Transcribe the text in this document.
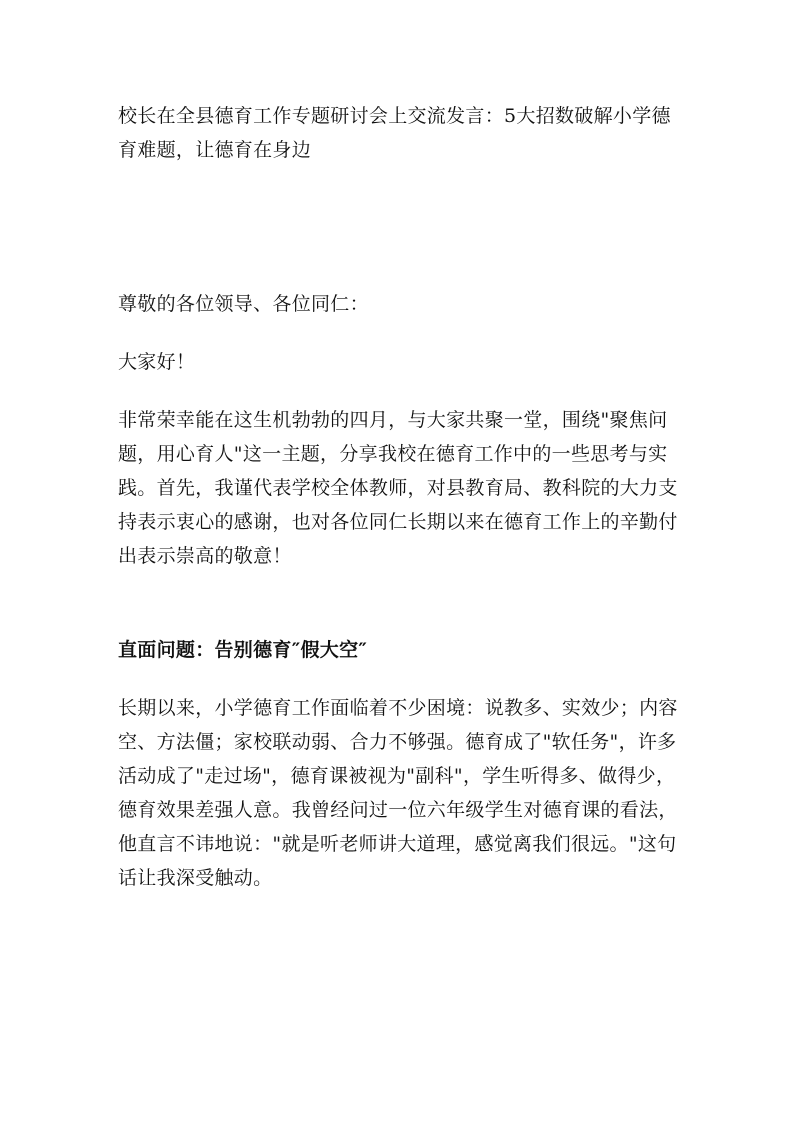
校长在全县德育工作专题研讨会上交流发言：5大招数破解小学德育难题，让德育在身边

尊敬的各位领导、各位同仁：

大家好！

非常荣幸能在这生机勃勃的四月，与大家共聚一堂，围绕"聚焦问题，用心育人"这一主题，分享我校在德育工作中的一些思考与实践。首先，我谨代表学校全体教师，对县教育局、教科院的大力支持表示衷心的感谢，也对各位同仁长期以来在德育工作上的辛勤付出表示崇高的敬意！

直面问题：告别德育″假大空″

长期以来，小学德育工作面临着不少困境：说教多、实效少；内容空、方法僵；家校联动弱、合力不够强。德育成了"软任务"，许多活动成了"走过场"，德育课被视为"副科"，学生听得多、做得少，德育效果差强人意。我曾经问过一位六年级学生对德育课的看法，他直言不讳地说："就是听老师讲大道理，感觉离我们很远。"这句话让我深受触动。
